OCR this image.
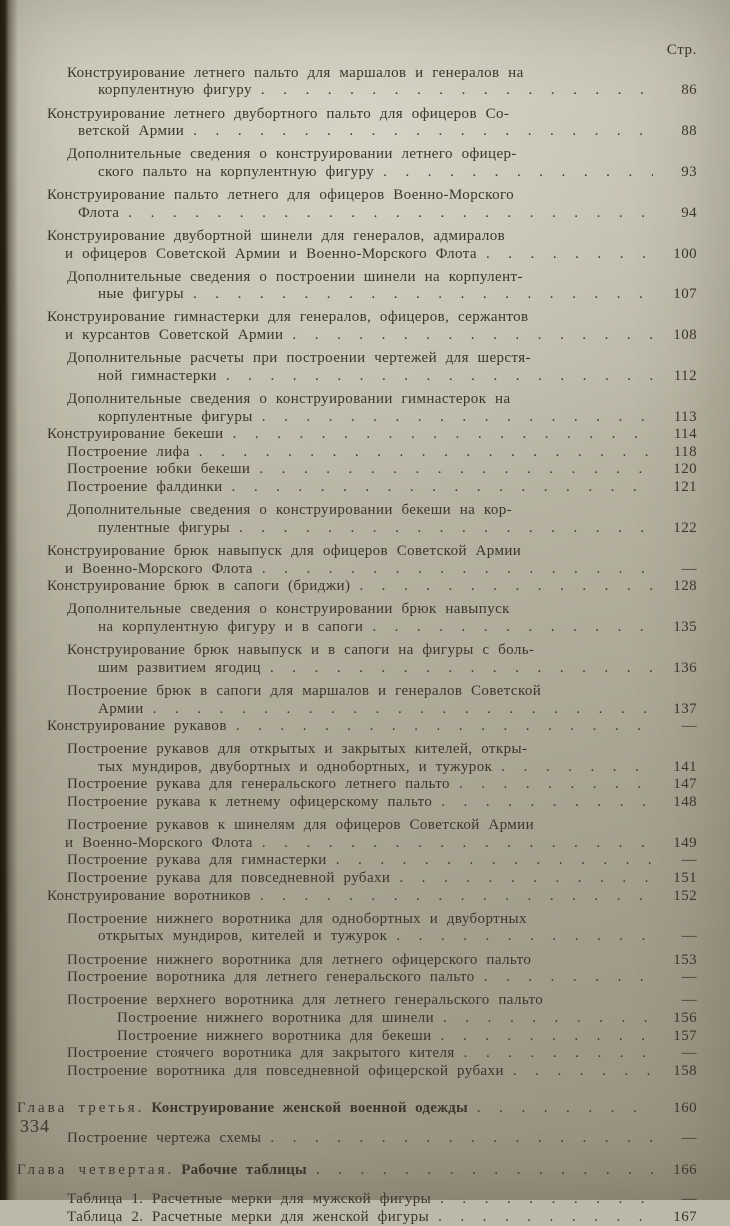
Стр.
Конструирование летнего пальто для маршалов и генералов на
корпулентную фигуру . . .	86
Конструирование летнего двубортного пальто для офицеров Со-
ветской Армии . . .	88
Дополнительные сведения о конструировании летнего офицер-
ского пальто на корпулентную фигуру . . .	93
Конструирование пальто летнего для офицеров Военно-Морского
Флота . . .	94
Конструирование двубортной шинели для генералов, адмиралов
и офицеров Советской Армии и Военно-Морского Флота . . .	100
Дополнительные сведения о построении шинели на корпулент-
ные фигуры . . .	107
Конструирование гимнастерки для генералов, офицеров, сержантов
и курсантов Советской Армии . . .	108
Дополнительные расчеты при построении чертежей для шерстя-
ной гимнастерки . . .	112
Дополнительные сведения о конструировании гимнастерок на
корпулентные фигуры . . .	113
Конструирование бекеши . . .	114
Построение лифа . . .	118
Построение юбки бекеши . . .	120
Построение фалдинки . . .	121
Дополнительные сведения о конструировании бекеши на кор-
пулентные фигуры . . .	122
Конструирование брюк навыпуск для офицеров Советской Армии
и Военно-Морского Флота . . .	—
Конструирование брюк в сапоги (бриджи) . . .	128
Дополнительные сведения о конструировании брюк навыпуск
на корпулентную фигуру и в сапоги . . .	135
Конструирование брюк навыпуск и в сапоги на фигуры с боль-
шим развитием ягодиц . . .	136
Построение брюк в сапоги для маршалов и генералов Советской
Армии . . .	137
Конструирование рукавов . . .	—
Построение рукавов для открытых и закрытых кителей, откры-
тых мундиров, двубортных и однобортных, и тужурок . . .	141
Построение рукава для генеральского летнего пальто . . .	147
Построение рукава к летнему офицерскому пальто . . .	148
Построение рукавов к шинелям для офицеров Советской Армии
и Военно-Морского Флота . . .	149
Построение рукава для гимнастерки . . .	—
Построение рукава для повседневной рубахи . . .	151
Конструирование воротников . . .	152
Построение нижнего воротника для однобортных и двубортных
открытых мундиров, кителей и тужурок . . .	—
Построение нижнего воротника для летнего офицерского пальто	153
Построение воротника для летнего генеральского пальто . . .	—
Построение верхнего воротника для летнего генеральского пальто	—
Построение нижнего воротника для шинели . . .	156
Построение нижнего воротника для бекеши . . .	157
Построение стоячего воротника для закрытого кителя . . .	—
Построение воротника для повседневной офицерской рубахи . . .	158
Глава третья. Конструирование женской военной одежды . . .	160
Построение чертежа схемы . . .	—
Глава четвертая. Рабочие таблицы . . .	166
Таблица 1. Расчетные мерки для мужской фигуры . . .	—
Таблица 2. Расчетные мерки для женской фигуры . . .	167
334
